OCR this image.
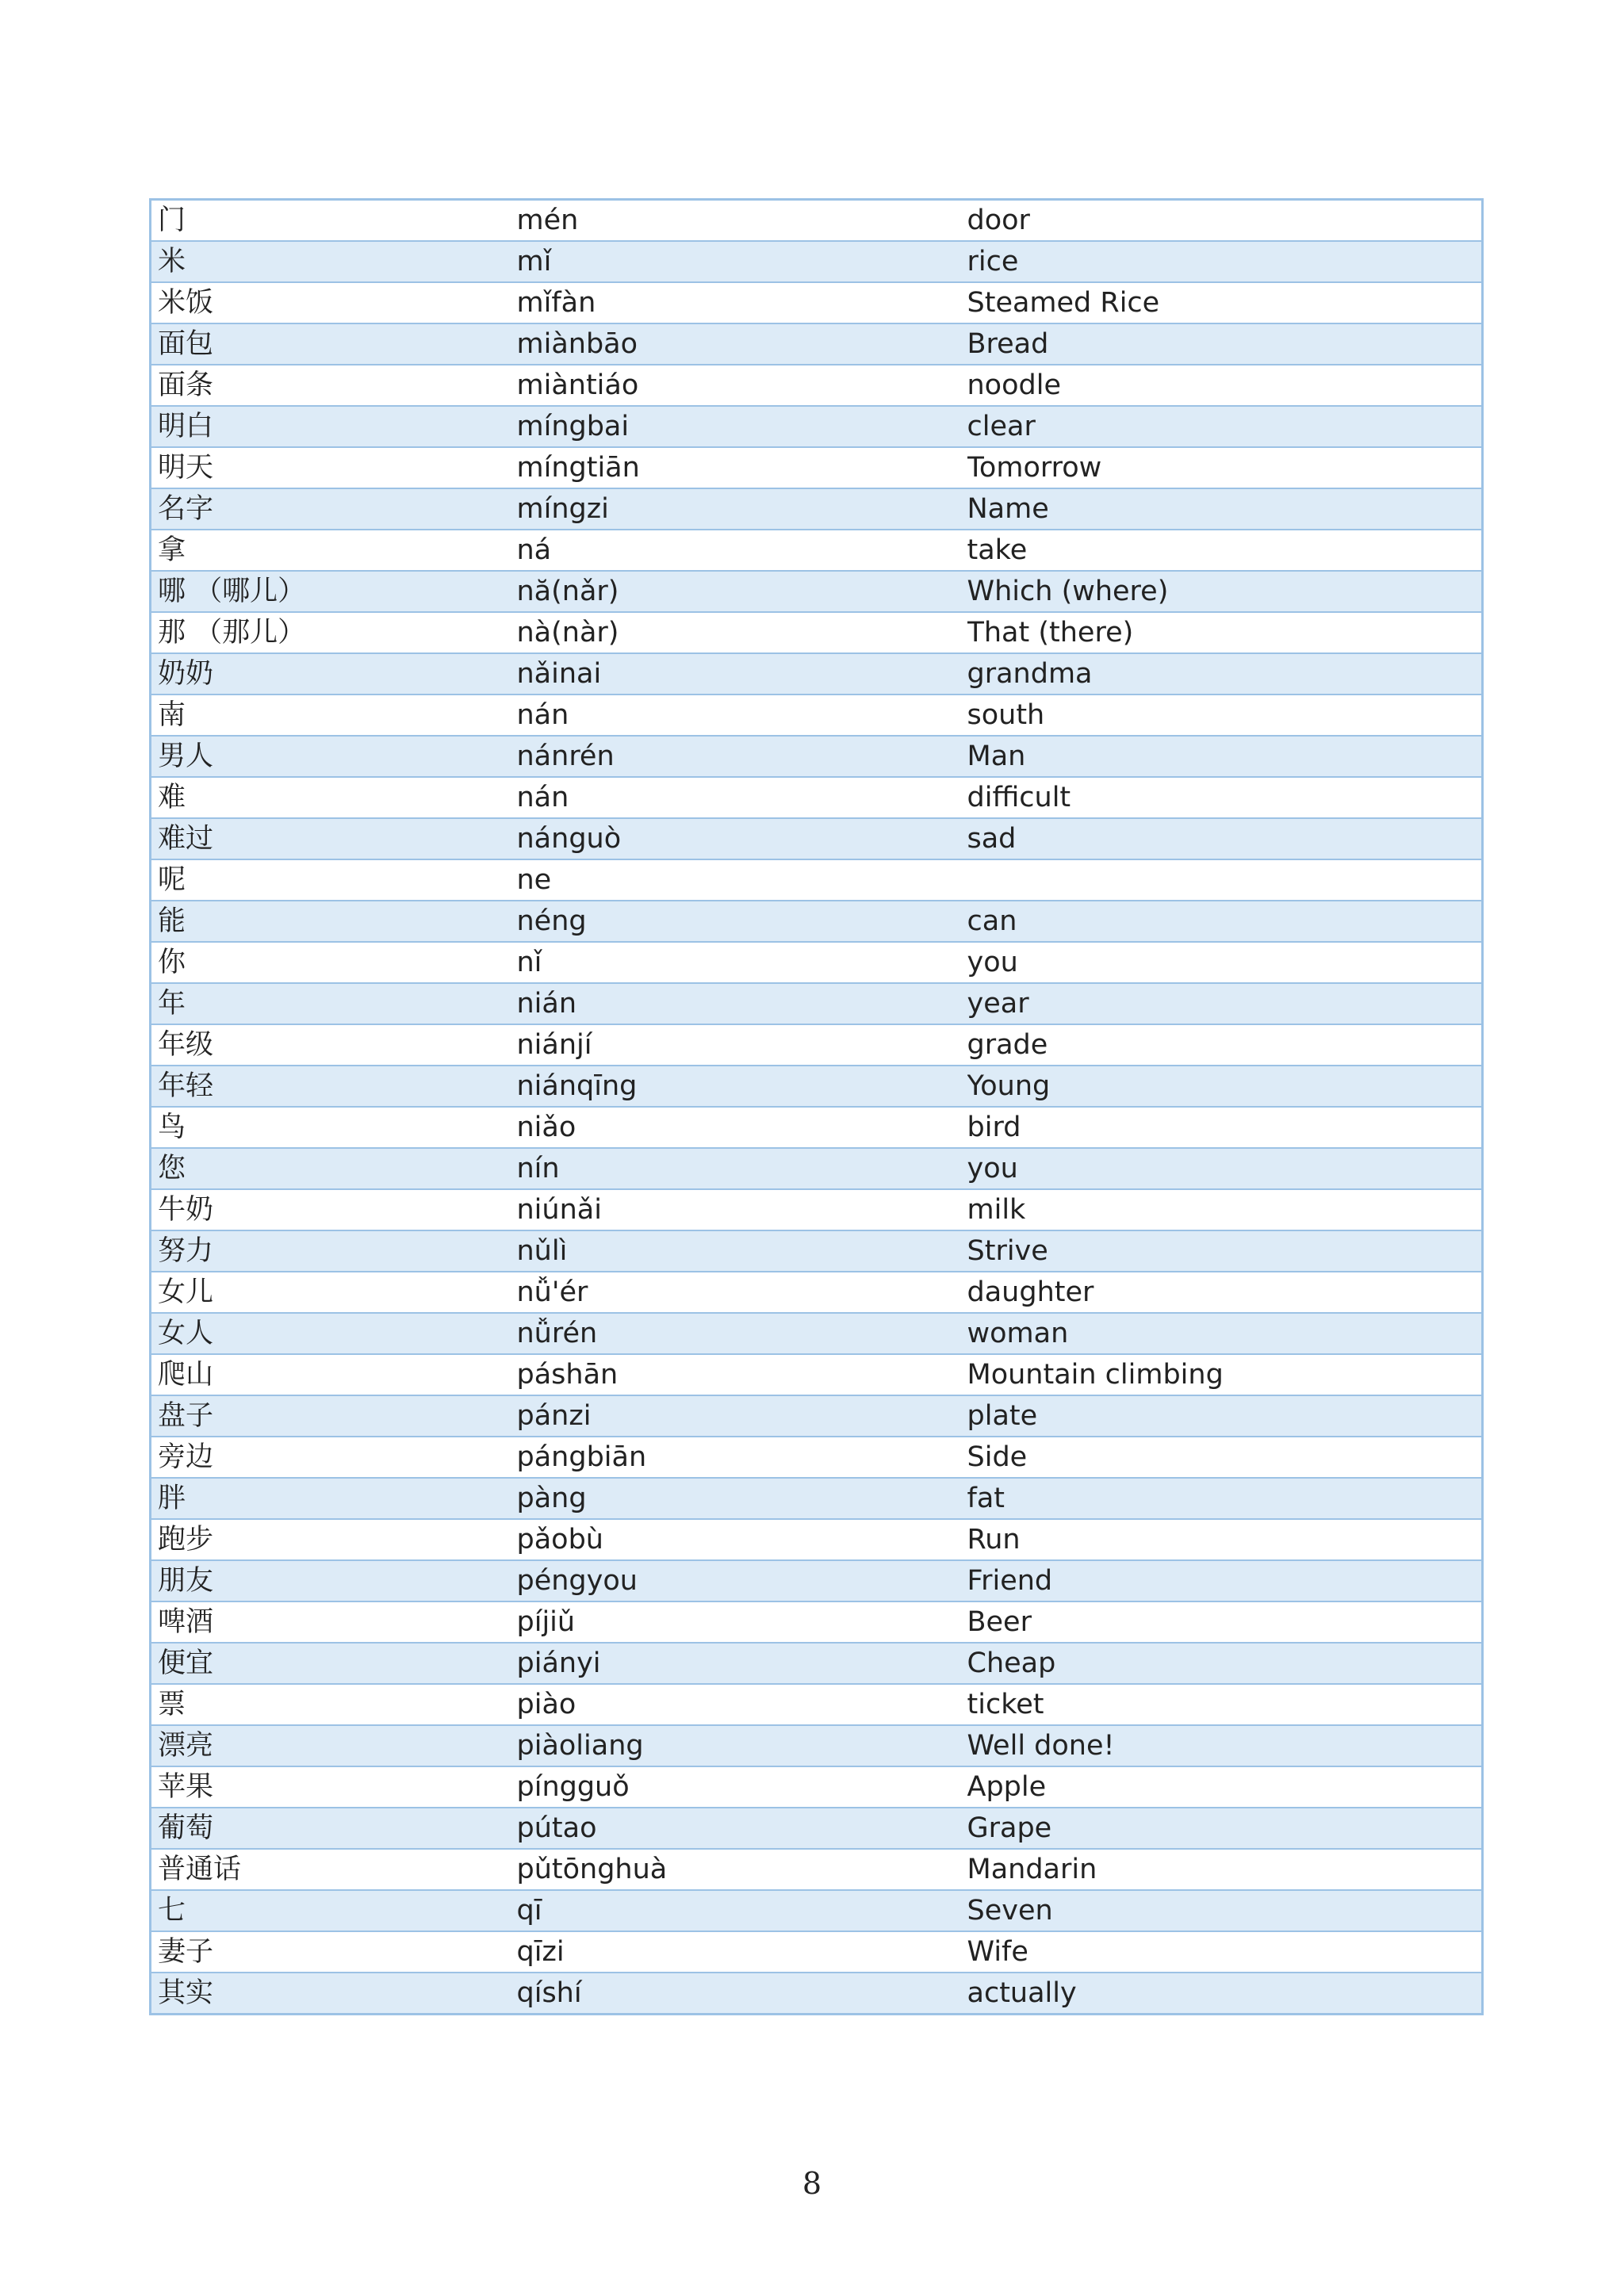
门	mén	door
米	mǐ	rice
米饭	mǐfàn	Steamed Rice
面包	miànbāo	Bread
面条	miàntiáo	noodle
明白	míngbai	clear
明天	míngtiān	Tomorrow
名字	míngzi	Name
拿	ná	take
哪 （哪儿）	nă(nǎr)	Which (where)
那 （那儿）	nà(nàr)	That (there)
奶奶	nǎinai	grandma
南	nán	south
男人	nánrén	Man
难	nán	difficult
难过	nánguò	sad
呢	ne	
能	néng	can
你	nǐ	you
年	nián	year
年级	niánjí	grade
年轻	niánqīng	Young
鸟	niǎo	bird
您	nín	you
牛奶	niúnǎi	milk
努力	nǔlì	Strive
女儿	nǚ'ér	daughter
女人	nǚrén	woman
爬山	páshān	Mountain climbing
盘子	pánzi	plate
旁边	pángbiān	Side
胖	pàng	fat
跑步	pǎobù	Run
朋友	péngyou	Friend
啤酒	píjiǔ	Beer
便宜	piányi	Cheap
票	piào	ticket
漂亮	piàoliang	Well done!
苹果	píngguǒ	Apple
葡萄	pútao	Grape
普通话	pǔtōnghuà	Mandarin
七	qī	Seven
妻子	qīzi	Wife
其实	qíshí	actually
8
